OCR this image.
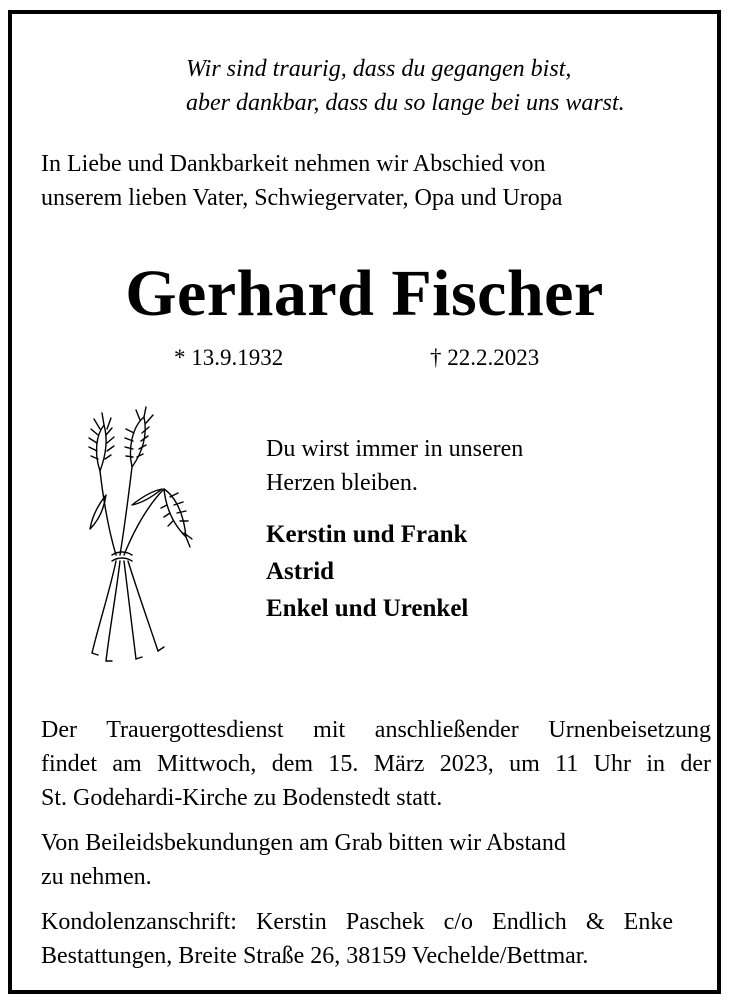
Wir sind traurig, dass du gegangen bist,
aber dankbar, dass du so lange bei uns warst.
In Liebe und Dankbarkeit nehmen wir Abschied von
unserem lieben Vater, Schwiegervater, Opa und Uropa
Gerhard Fischer
* 13.9.1932	† 22.2.2023
Du wirst immer in unseren
Herzen bleiben.
Kerstin und Frank
Astrid
Enkel und Urenkel
Der Trauergottesdienst mit anschließender Urnenbeisetzung
findet am Mittwoch, dem 15. März 2023, um 11 Uhr in der
St. Godehardi-Kirche zu Bodenstedt statt.
Von Beileidsbekundungen am Grab bitten wir Abstand
zu nehmen.
Kondolenzanschrift: Kerstin Paschek c/o Endlich & Enke
Bestattungen, Breite Straße 26, 38159 Vechelde/Bettmar.
